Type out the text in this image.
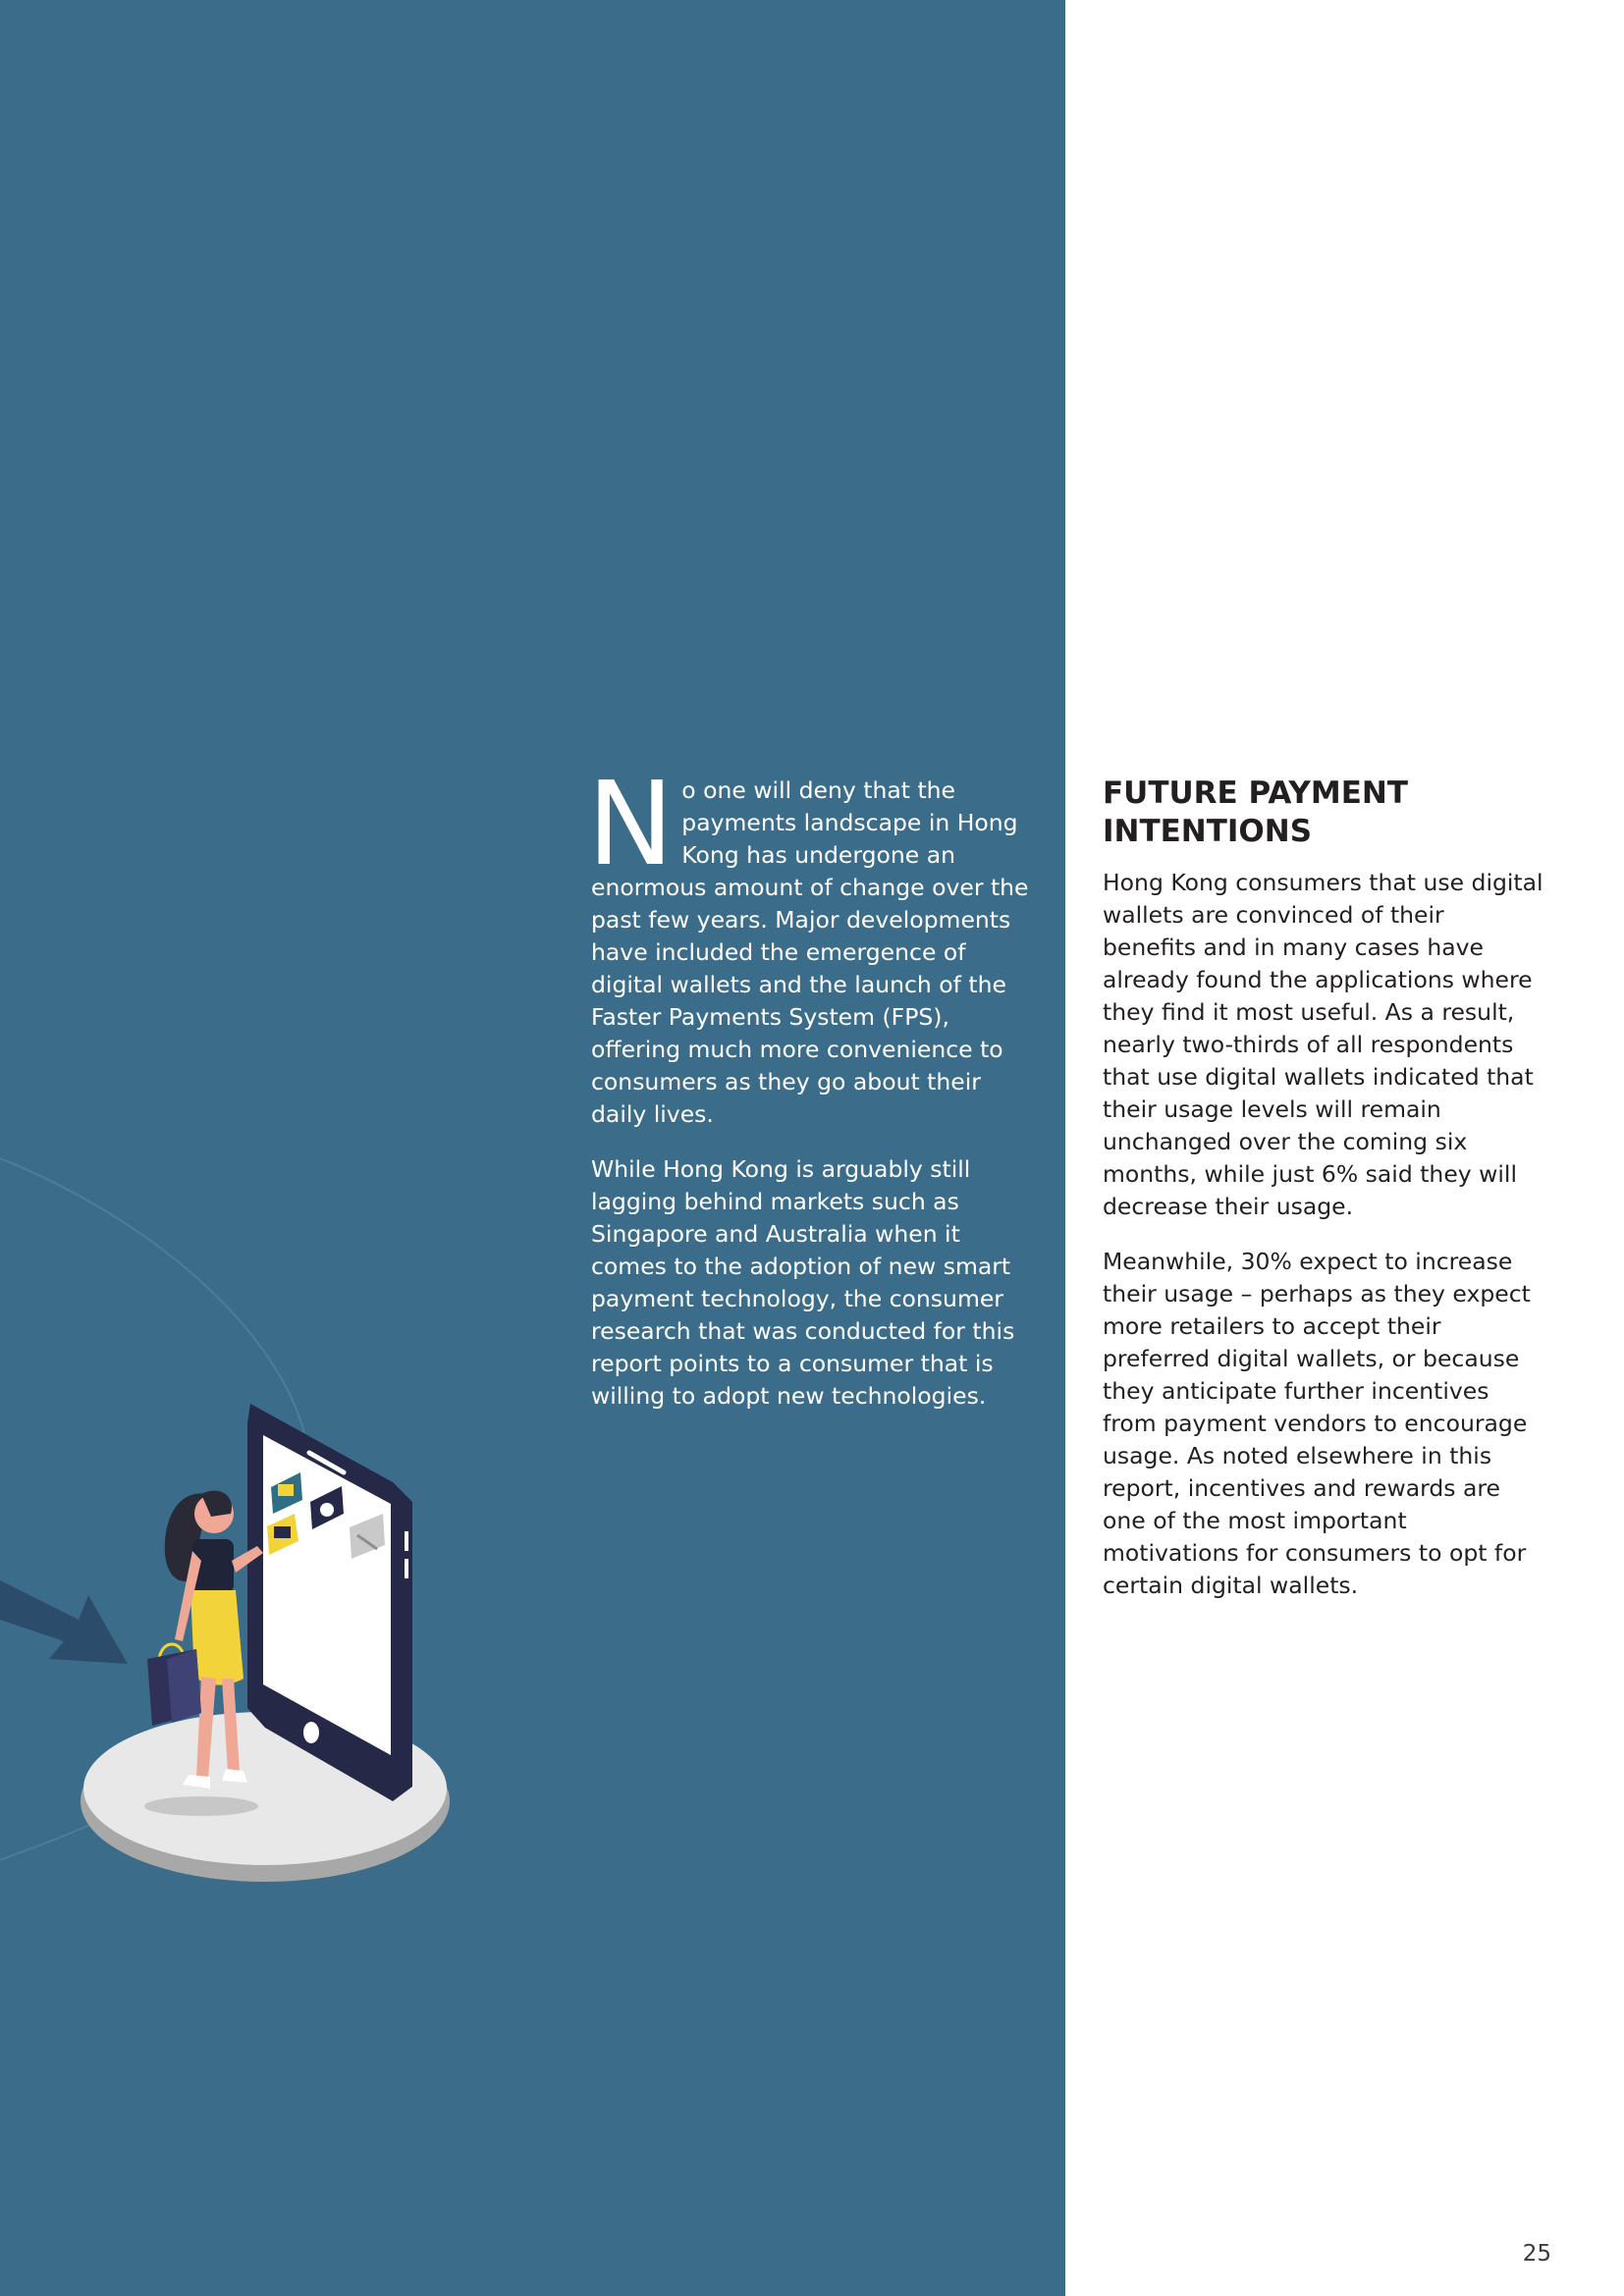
No one will deny that the payments landscape in Hong Kong has undergone an enormous amount of change over the past few years. Major developments have included the emergence of digital wallets and the launch of the Faster Payments System (FPS), offering much more convenience to consumers as they go about their daily lives.

While Hong Kong is arguably still lagging behind markets such as Singapore and Australia when it comes to the adoption of new smart payment technology, the consumer research that was conducted for this report points to a consumer that is willing to adopt new technologies.

FUTURE PAYMENT INTENTIONS

Hong Kong consumers that use digital wallets are convinced of their benefits and in many cases have already found the applications where they find it most useful. As a result, nearly two-thirds of all respondents that use digital wallets indicated that their usage levels will remain unchanged over the coming six months, while just 6% said they will decrease their usage.

Meanwhile, 30% expect to increase their usage – perhaps as they expect more retailers to accept their preferred digital wallets, or because they anticipate further incentives from payment vendors to encourage usage. As noted elsewhere in this report, incentives and rewards are one of the most important motivations for consumers to opt for certain digital wallets.

25
